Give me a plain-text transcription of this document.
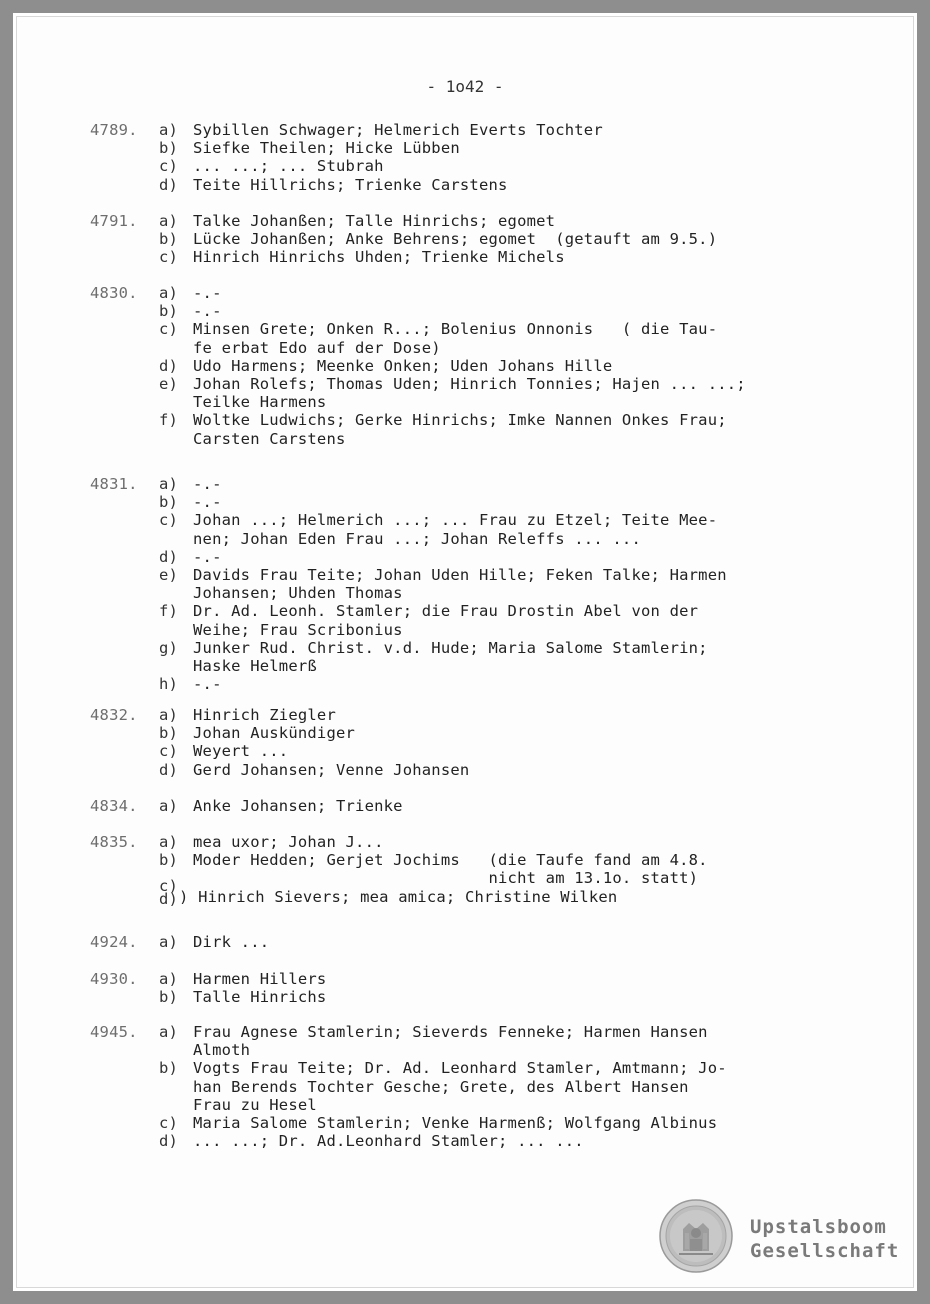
- 1o42 -
4789.	a) Sybillen Schwager; Helmerich Everts Tochter
b) Siefke Theilen; Hicke Lübben
c) ... ...; ... Stubrah
d) Teite Hillrichs; Trienke Carstens
4791.	a) Talke Johanßen; Talle Hinrichs; egomet
b) Lücke Johanßen; Anke Behrens; egomet  (getauft am 9.5.)
c) Hinrich Hinrichs Uhden; Trienke Michels
4830.	a) -.-
b) -.-
c) Minsen Grete; Onken R...; Bolenius Onnonis   ( die Tau-
fe erbat Edo auf der Dose)
d) Udo Harmens; Meenke Onken; Uden Johans Hille
e) Johan Rolefs; Thomas Uden; Hinrich Tonnies; Hajen ... ...;
Teilke Harmens
f) Woltke Ludwichs; Gerke Hinrichs; Imke Nannen Onkes Frau;
Carsten Carstens
4831.	a) -.-
b) -.-
c) Johan ...; Helmerich ...; ... Frau zu Etzel; Teite Mee-
nen; Johan Eden Frau ...; Johan Releffs ... ...
d) -.-
e) Davids Frau Teite; Johan Uden Hille; Feken Talke; Harmen
Johansen; Uhden Thomas
f) Dr. Ad. Leonh. Stamler; die Frau Drostin Abel von der
Weihe; Frau Scribonius
g) Junker Rud. Christ. v.d. Hude; Maria Salome Stamlerin;
Haske Helmerß
h) -.-
4832.	a) Hinrich Ziegler
b) Johan Auskündiger
c) Weyert ...
d) Gerd Johansen; Venne Johansen
4834.	a) Anke Johansen; Trienke
4835.	a) mea uxor; Johan J...
b) Moder Hedden; Gerjet Jochims   (die Taufe fand am 4.8.
nicht am 13.1o. statt)
c)d) ) Hinrich Sievers; mea amica; Christine Wilken
4924.	a) Dirk ...
4930.	a) Harmen Hillers
b) Talle Hinrichs
4945.	a) Frau Agnese Stamlerin; Sieverds Fenneke; Harmen Hansen
Almoth
b) Vogts Frau Teite; Dr. Ad. Leonhard Stamler, Amtmann; Jo-
han Berends Tochter Gesche; Grete, des Albert Hansen
Frau zu Hesel
c) Maria Salome Stamlerin; Venke Harmenß; Wolfgang Albinus
d) ... ...; Dr. Ad.Leonhard Stamler; ... ...
Upstalsboom
Gesellschaft
